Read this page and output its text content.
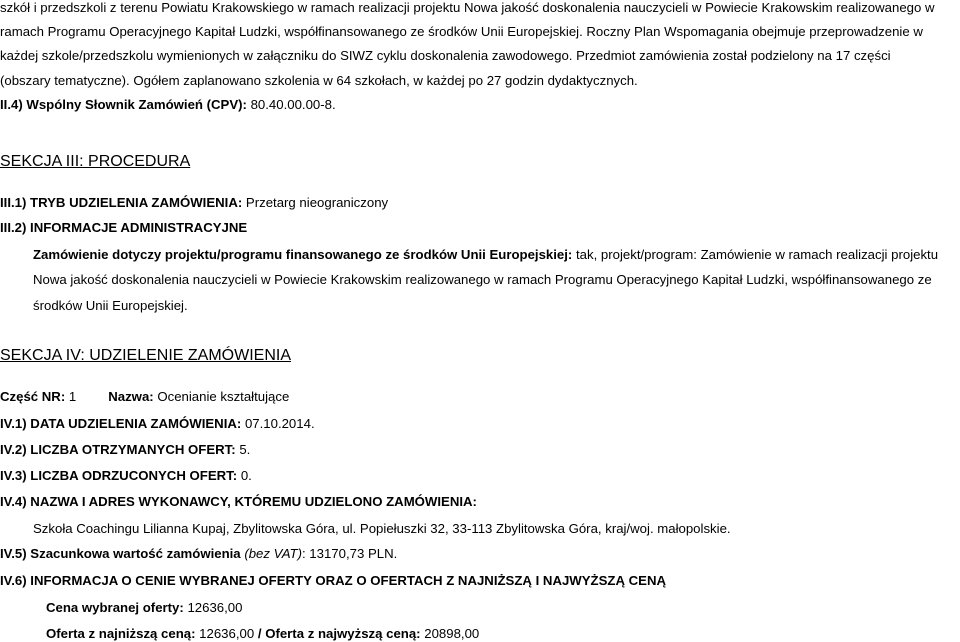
szkół i przedszkoli z terenu Powiatu Krakowskiego w ramach realizacji projektu Nowa jakość doskonalenia nauczycieli w Powiecie Krakowskim realizowanego w
ramach Programu Operacyjnego Kapitał Ludzki, współfinansowanego ze środków Unii Europejskiej. Roczny Plan Wspomagania obejmuje przeprowadzenie w
każdej szkole/przedszkolu wymienionych w załączniku do SIWZ cyklu doskonalenia zawodowego. Przedmiot zamówienia został podzielony na 17 części
(obszary tematyczne). Ogółem zaplanowano szkolenia w 64 szkołach, w każdej po 27 godzin dydaktycznych.
II.4) Wspólny Słownik Zamówień (CPV): 80.40.00.00-8.
SEKCJA III: PROCEDURA
III.1) TRYB UDZIELENIA ZAMÓWIENIA: Przetarg nieograniczony
III.2) INFORMACJE ADMINISTRACYJNE
Zamówienie dotyczy projektu/programu finansowanego ze środków Unii Europejskiej: tak, projekt/program: Zamówienie w ramach realizacji projektu
Nowa jakość doskonalenia nauczycieli w Powiecie Krakowskim realizowanego w ramach Programu Operacyjnego Kapitał Ludzki, współfinansowanego ze
środków Unii Europejskiej.
SEKCJA IV: UDZIELENIE ZAMÓWIENIA
Część NR: 1 Nazwa: Ocenianie kształtujące
IV.1) DATA UDZIELENIA ZAMÓWIENIA: 07.10.2014.
IV.2) LICZBA OTRZYMANYCH OFERT: 5.
IV.3) LICZBA ODRZUCONYCH OFERT: 0.
IV.4) NAZWA I ADRES WYKONAWCY, KTÓREMU UDZIELONO ZAMÓWIENIA:
Szkoła Coachingu Lilianna Kupaj, Zbylitowska Góra, ul. Popiełuszki 32, 33-113 Zbylitowska Góra, kraj/woj. małopolskie.
IV.5) Szacunkowa wartość zamówienia (bez VAT): 13170,73 PLN.
IV.6) INFORMACJA O CENIE WYBRANEJ OFERTY ORAZ O OFERTACH Z NAJNIŻSZĄ I NAJWYŻSZĄ CENĄ
Cena wybranej oferty: 12636,00
Oferta z najniższą ceną: 12636,00 / Oferta z najwyższą ceną: 20898,00
